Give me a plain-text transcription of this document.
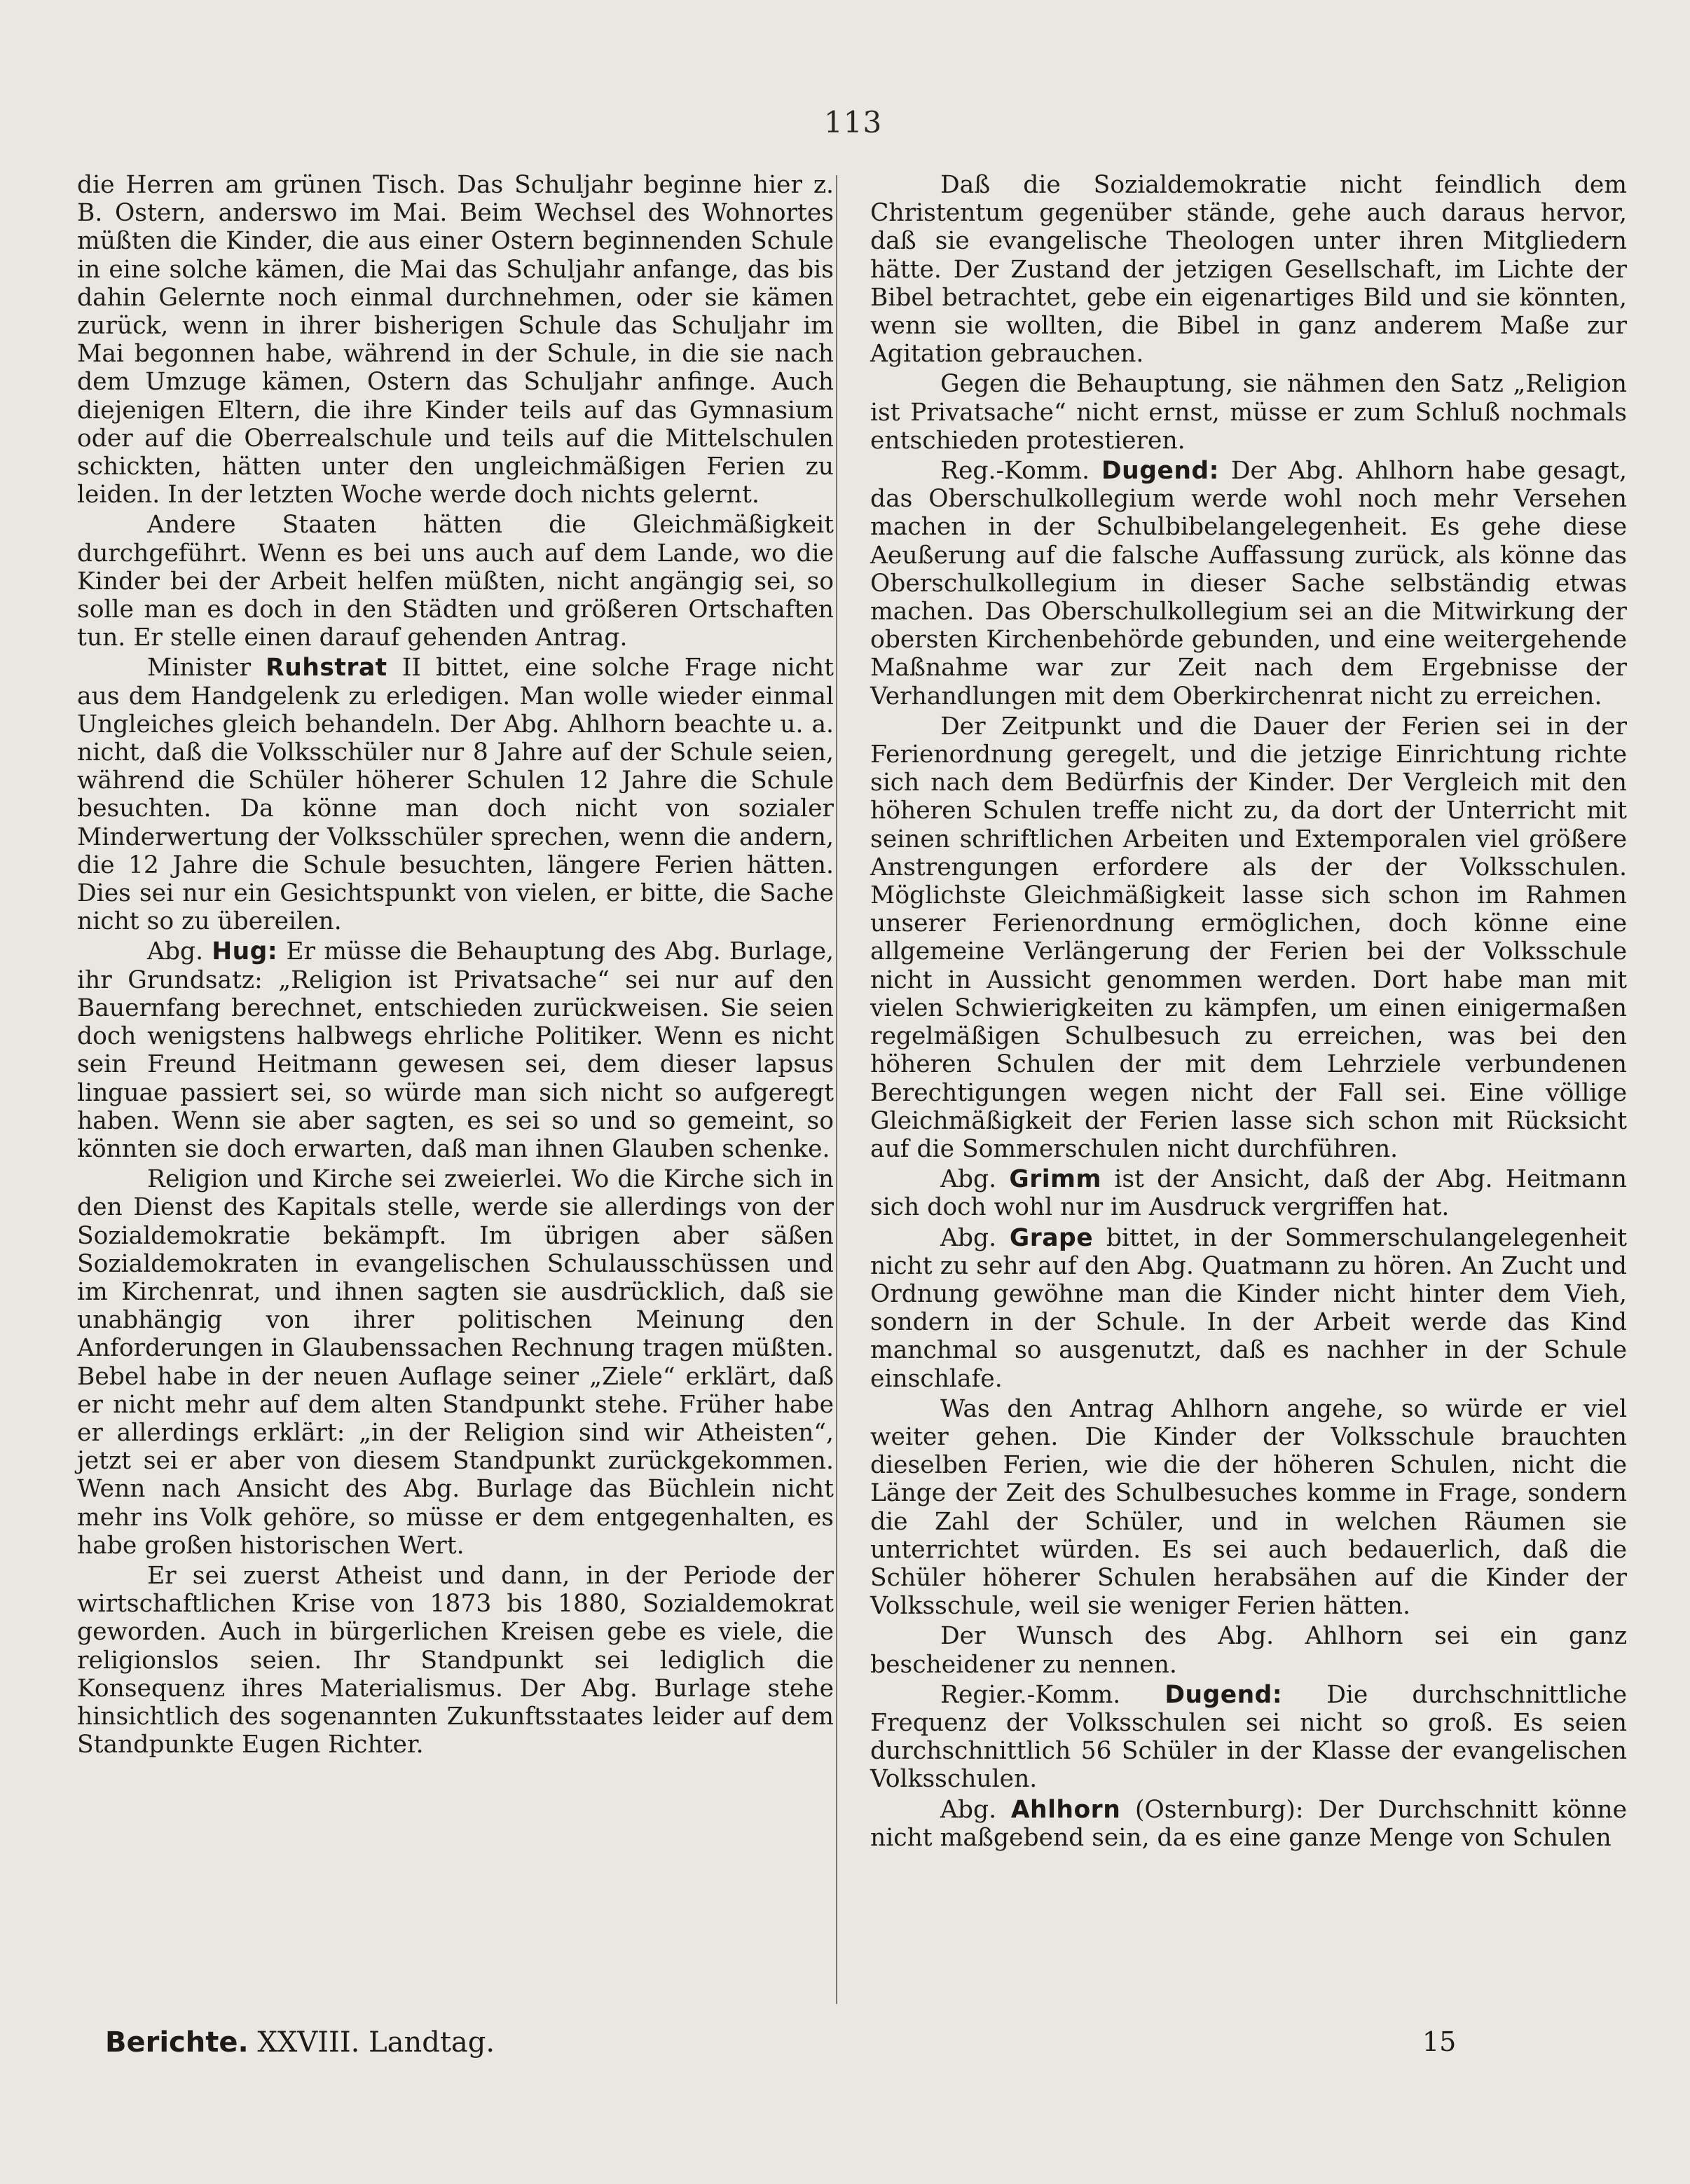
113

die Herren am grünen Tisch. Das Schuljahr beginne hier z. B. Ostern, anderswo im Mai. Beim Wechsel des Wohnortes müßten die Kinder, die aus einer Ostern beginnenden Schule in eine solche kämen, die Mai das Schuljahr anfange, das bis dahin Gelernte noch einmal durchnehmen, oder sie kämen zurück, wenn in ihrer bisherigen Schule das Schuljahr im Mai begonnen habe, während in der Schule, in die sie nach dem Umzuge kämen, Ostern das Schuljahr anfinge. Auch diejenigen Eltern, die ihre Kinder teils auf das Gymnasium oder auf die Oberrealschule und teils auf die Mittelschulen schickten, hätten unter den ungleichmäßigen Ferien zu leiden. In der letzten Woche werde doch nichts gelernt.

Andere Staaten hätten die Gleichmäßigkeit durchgeführt. Wenn es bei uns auch auf dem Lande, wo die Kinder bei der Arbeit helfen müßten, nicht angängig sei, so solle man es doch in den Städten und größeren Ortschaften tun. Er stelle einen darauf gehenden Antrag.

Minister Ruhstrat II bittet, eine solche Frage nicht aus dem Handgelenk zu erledigen. Man wolle wieder einmal Ungleiches gleich behandeln. Der Abg. Ahlhorn beachte u. a. nicht, daß die Volksschüler nur 8 Jahre auf der Schule seien, während die Schüler höherer Schulen 12 Jahre die Schule besuchten. Da könne man doch nicht von sozialer Minderwertung der Volksschüler sprechen, wenn die andern, die 12 Jahre die Schule besuchten, längere Ferien hätten. Dies sei nur ein Gesichtspunkt von vielen, er bitte, die Sache nicht so zu übereilen.

Abg. Hug: Er müsse die Behauptung des Abg. Burlage, ihr Grundsatz: „Religion ist Privatsache“ sei nur auf den Bauernfang berechnet, entschieden zurückweisen. Sie seien doch wenigstens halbwegs ehrliche Politiker. Wenn es nicht sein Freund Heitmann gewesen sei, dem dieser lapsus linguae passiert sei, so würde man sich nicht so aufgeregt haben. Wenn sie aber sagten, es sei so und so gemeint, so könnten sie doch erwarten, daß man ihnen Glauben schenke.

Religion und Kirche sei zweierlei. Wo die Kirche sich in den Dienst des Kapitals stelle, werde sie allerdings von der Sozialdemokratie bekämpft. Im übrigen aber säßen Sozialdemokraten in evangelischen Schulausschüssen und im Kirchenrat, und ihnen sagten sie ausdrücklich, daß sie unabhängig von ihrer politischen Meinung den Anforderungen in Glaubenssachen Rechnung tragen müßten. Bebel habe in der neuen Auflage seiner „Ziele“ erklärt, daß er nicht mehr auf dem alten Standpunkt stehe. Früher habe er allerdings erklärt: „in der Religion sind wir Atheisten“, jetzt sei er aber von diesem Standpunkt zurückgekommen. Wenn nach Ansicht des Abg. Burlage das Büchlein nicht mehr ins Volk gehöre, so müsse er dem entgegenhalten, es habe großen historischen Wert.

Er sei zuerst Atheist und dann, in der Periode der wirtschaftlichen Krise von 1873 bis 1880, Sozialdemokrat geworden. Auch in bürgerlichen Kreisen gebe es viele, die religionslos seien. Ihr Standpunkt sei lediglich die Konsequenz ihres Materialismus. Der Abg. Burlage stehe hinsichtlich des sogenannten Zukunftsstaates leider auf dem Standpunkte Eugen Richter.

Daß die Sozialdemokratie nicht feindlich dem Christentum gegenüber stände, gehe auch daraus hervor, daß sie evangelische Theologen unter ihren Mitgliedern hätte. Der Zustand der jetzigen Gesellschaft, im Lichte der Bibel betrachtet, gebe ein eigenartiges Bild und sie könnten, wenn sie wollten, die Bibel in ganz anderem Maße zur Agitation gebrauchen.

Gegen die Behauptung, sie nähmen den Satz „Religion ist Privatsache“ nicht ernst, müsse er zum Schluß nochmals entschieden protestieren.

Reg.-Komm. Dugend: Der Abg. Ahlhorn habe gesagt, das Oberschulkollegium werde wohl noch mehr Versehen machen in der Schulbibelangelegenheit. Es gehe diese Aeußerung auf die falsche Auffassung zurück, als könne das Oberschulkollegium in dieser Sache selbständig etwas machen. Das Oberschulkollegium sei an die Mitwirkung der obersten Kirchenbehörde gebunden, und eine weitergehende Maßnahme war zur Zeit nach dem Ergebnisse der Verhandlungen mit dem Oberkirchenrat nicht zu erreichen.

Der Zeitpunkt und die Dauer der Ferien sei in der Ferienordnung geregelt, und die jetzige Einrichtung richte sich nach dem Bedürfnis der Kinder. Der Vergleich mit den höheren Schulen treffe nicht zu, da dort der Unterricht mit seinen schriftlichen Arbeiten und Extemporalen viel größere Anstrengungen erfordere als der der Volksschulen. Möglichste Gleichmäßigkeit lasse sich schon im Rahmen unserer Ferienordnung ermöglichen, doch könne eine allgemeine Verlängerung der Ferien bei der Volksschule nicht in Aussicht genommen werden. Dort habe man mit vielen Schwierigkeiten zu kämpfen, um einen einigermaßen regelmäßigen Schulbesuch zu erreichen, was bei den höheren Schulen der mit dem Lehrziele verbundenen Berechtigungen wegen nicht der Fall sei. Eine völlige Gleichmäßigkeit der Ferien lasse sich schon mit Rücksicht auf die Sommerschulen nicht durchführen.

Abg. Grimm ist der Ansicht, daß der Abg. Heitmann sich doch wohl nur im Ausdruck vergriffen hat.

Abg. Grape bittet, in der Sommerschulangelegenheit nicht zu sehr auf den Abg. Quatmann zu hören. An Zucht und Ordnung gewöhne man die Kinder nicht hinter dem Vieh, sondern in der Schule. In der Arbeit werde das Kind manchmal so ausgenutzt, daß es nachher in der Schule einschlafe.

Was den Antrag Ahlhorn angehe, so würde er viel weiter gehen. Die Kinder der Volksschule brauchten dieselben Ferien, wie die der höheren Schulen, nicht die Länge der Zeit des Schulbesuches komme in Frage, sondern die Zahl der Schüler, und in welchen Räumen sie unterrichtet würden. Es sei auch bedauerlich, daß die Schüler höherer Schulen herabsähen auf die Kinder der Volksschule, weil sie weniger Ferien hätten.

Der Wunsch des Abg. Ahlhorn sei ein ganz bescheidener zu nennen.

Regier.-Komm. Dugend: Die durchschnittliche Frequenz der Volksschulen sei nicht so groß. Es seien durchschnittlich 56 Schüler in der Klasse der evangelischen Volksschulen.

Abg. Ahlhorn (Osternburg): Der Durchschnitt könne nicht maßgebend sein, da es eine ganze Menge von Schulen

Berichte. XXVIII. Landtag.	15
